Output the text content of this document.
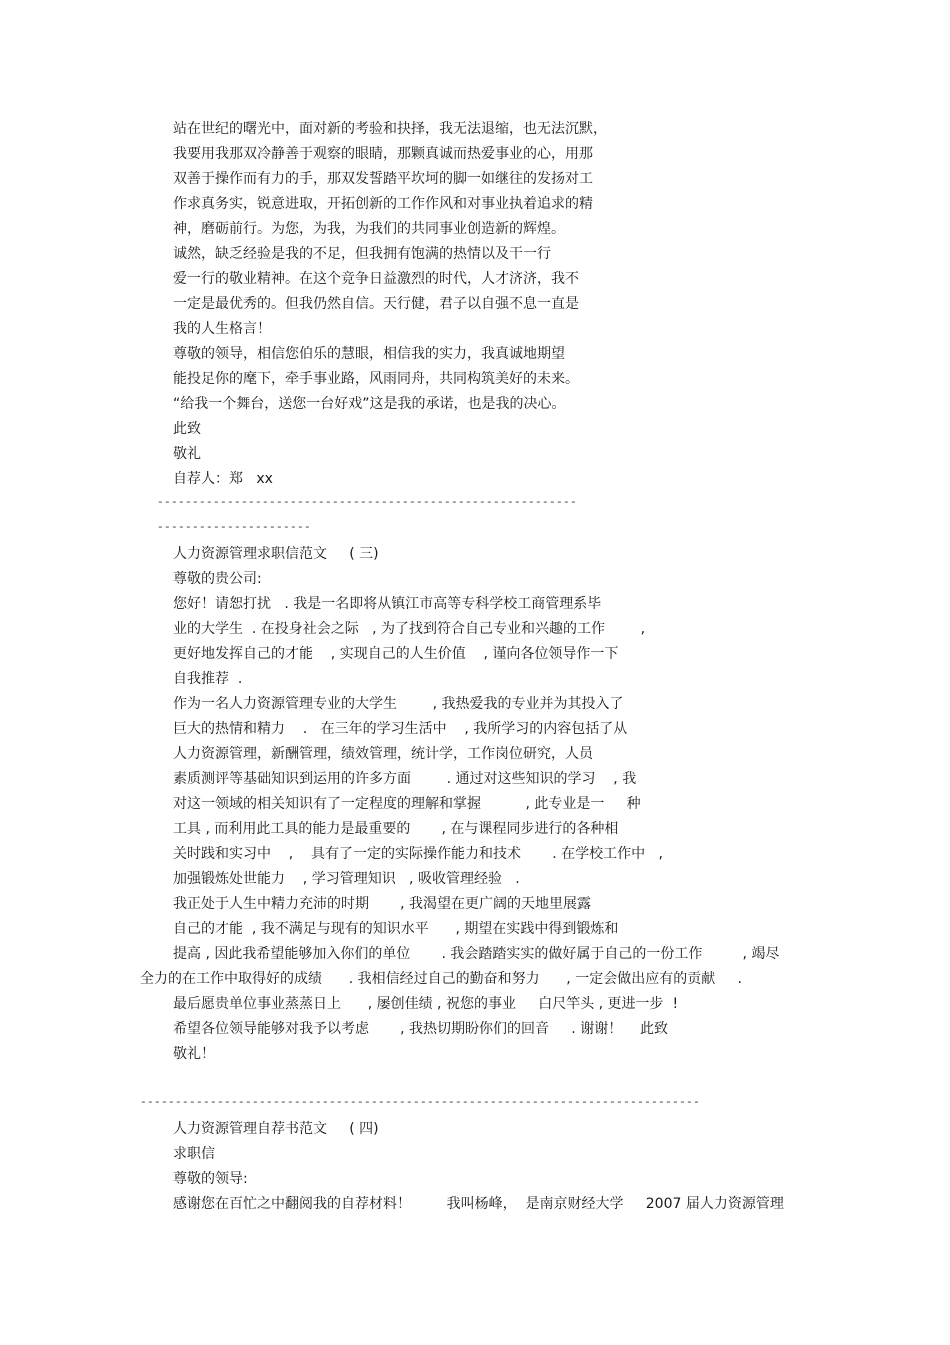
站在世纪的曙光中，面对新的考验和抉择，我无法退缩，也无法沉默，
我要用我那双冷静善于观察的眼睛，那颗真诚而热爱事业的心，用那
双善于操作而有力的手，那双发誓踏平坎坷的脚一如继往的发扬对工
作求真务实，锐意进取，开拓创新的工作作风和对事业执着追求的精
神，磨砺前行。为您，为我，为我们的共同事业创造新的辉煌。
诚然，缺乏经验是我的不足，但我拥有饱满的热情以及干一行
爱一行的敬业精神。在这个竞争日益激烈的时代，人才济济，我不
一定是最优秀的。但我仍然自信。天行健，君子以自强不息一直是
我的人生格言！
尊敬的领导，相信您伯乐的慧眼，相信我的实力，我真诚地期望
能投足你的麾下，牵手事业路，风雨同舟，共同构筑美好的未来。
“给我一个舞台，送您一台好戏”这是我的承诺，也是我的决心。
此致
敬礼
自荐人：郑   xx
------------------------------------------------------------
----------------------
人力资源管理求职信范文     ( 三)
尊敬的贵公司:
您好！请恕打扰   . 我是一名即将从镇江市高等专科学校工商管理系毕
业的大学生  . 在投身社会之际   , 为了找到符合自己专业和兴趣的工作        ,
更好地发挥自己的才能    , 实现自己的人生价值    , 谨向各位领导作一下
自我推荐  .
作为一名人力资源管理专业的大学生        , 我热爱我的专业并为其投入了
巨大的热情和精力    .   在三年的学习生活中    , 我所学习的内容包括了从
人力资源管理，新酬管理，绩效管理，统计学，工作岗位研究，人员
素质测评等基础知识到运用的许多方面        . 通过对这些知识的学习    , 我
对这一领域的相关知识有了一定程度的理解和掌握          , 此专业是一     种
工具 , 而利用此工具的能力是最重要的       , 在与课程同步进行的各种相
关时践和实习中    ,    具有了一定的实际操作能力和技术       . 在学校工作中   ,
加强锻炼处世能力    , 学习管理知识   , 吸收管理经验   .
我正处于人生中精力充沛的时期       , 我渴望在更广阔的天地里展露
自己的才能  , 我不满足与现有的知识水平      , 期望在实践中得到锻炼和
提高 , 因此我希望能够加入你们的单位       . 我会踏踏实实的做好属于自己的一份工作         , 竭尽
全力的在工作中取得好的成绩      . 我相信经过自己的勤奋和努力      , 一定会做出应有的贡献     .
最后愿贵单位事业蒸蒸日上      , 屡创佳绩 , 祝您的事业     白尺竿头 , 更进一步  !
希望各位领导能够对我予以考虑       , 我热切期盼你们的回音     . 谢谢！    此致
敬礼！
--------------------------------------------------------------------------------
人力资源管理自荐书范文     ( 四)
求职信
尊敬的领导:
感谢您在百忙之中翻阅我的自荐材料！        我叫杨峰，  是南京财经大学     2007 届人力资源管理
